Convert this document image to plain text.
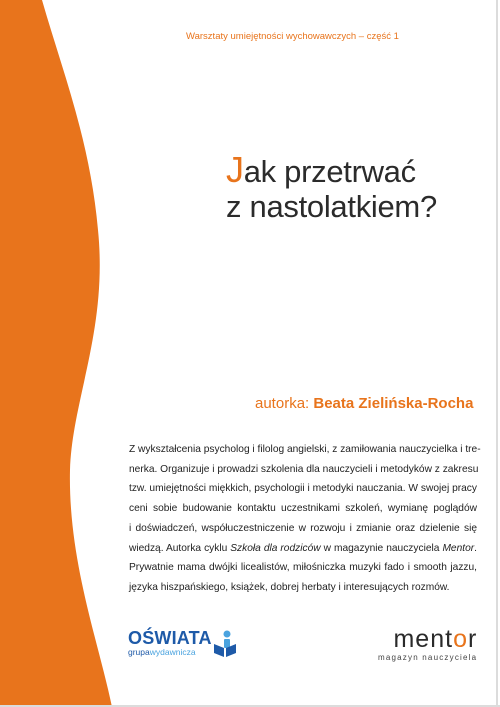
Warsztaty umiejętności wychowawczych – część 1
Jak przetrwać
z nastolatkiem?
autorka: Beata Zielińska-Rocha
Z wykształcenia psycholog i filolog angielski, z zamiłowania nauczycielka i tre-
nerka. Organizuje i prowadzi szkolenia dla nauczycieli i metodyków z zakresu
tzw. umiejętności miękkich, psychologii i metodyki nauczania. W swojej pracy
ceni sobie budowanie kontaktu uczestnikami szkoleń, wymianę poglądów
i doświadczeń, współuczestniczenie w rozwoju i zmianie oraz dzielenie się
wiedzą. Autorka cyklu Szkoła dla rodziców w magazynie nauczyciela Mentor.
Prywatnie mama dwójki licealistów, miłośniczka muzyki fado i smooth jazzu,
języka hiszpańskiego, książek, dobrej herbaty i interesujących rozmów.
OŚWIATA
grupawydawnicza	mentor
magazyn nauczyciela
